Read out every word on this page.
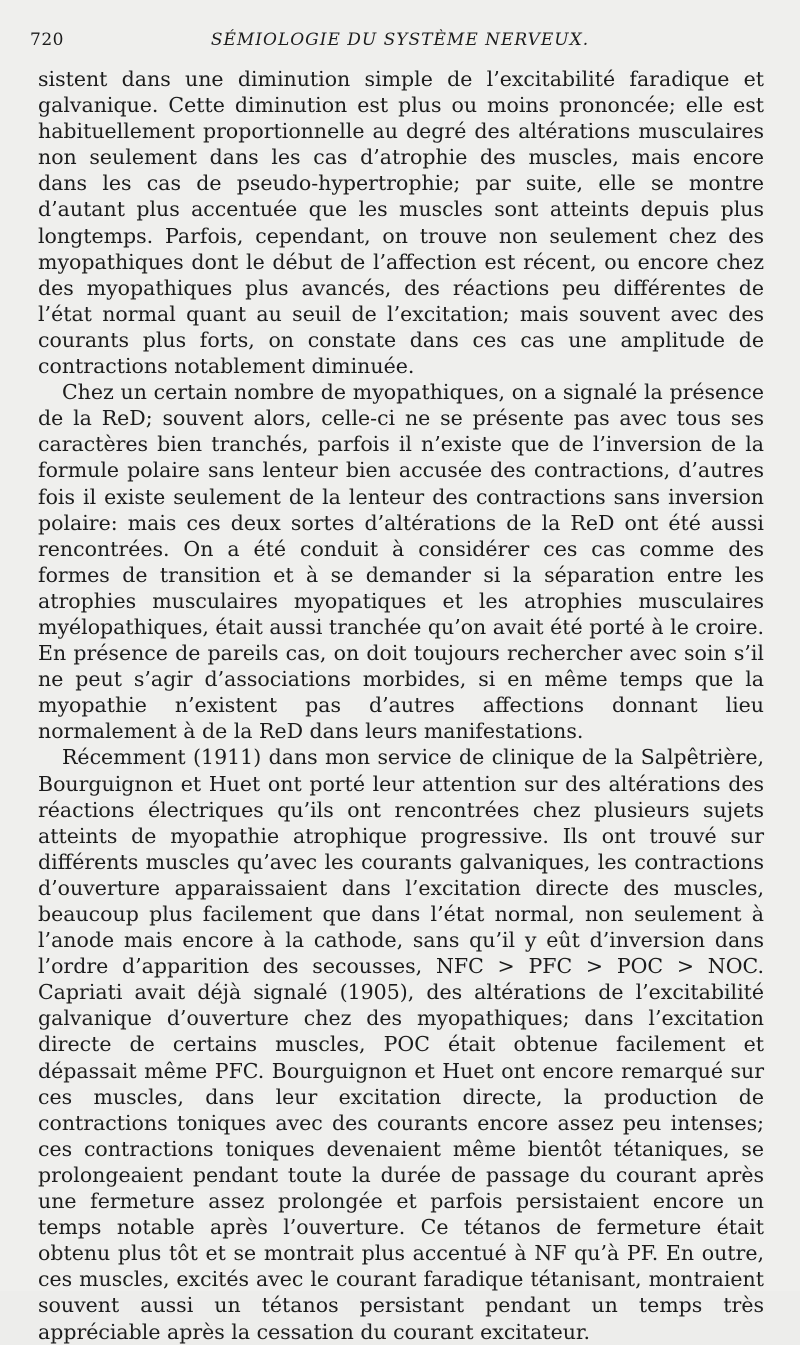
720	SÉMIOLOGIE DU SYSTÈME NERVEUX.

sistent dans une diminution simple de l’excitabilité faradique et galvanique. Cette diminution est plus ou moins prononcée; elle est habituellement proportionnelle au degré des altérations musculaires non seulement dans les cas d’atrophie des muscles, mais encore dans les cas de pseudo-hypertrophie; par suite, elle se montre d’autant plus accentuée que les muscles sont atteints depuis plus longtemps. Parfois, cependant, on trouve non seulement chez des myopathiques dont le début de l’affection est récent, ou encore chez des myopathiques plus avancés, des réactions peu différentes de l’état normal quant au seuil de l’excitation; mais souvent avec des courants plus forts, on constate dans ces cas une amplitude de contractions notablement diminuée.

Chez un certain nombre de myopathiques, on a signalé la présence de la ReD; souvent alors, celle-ci ne se présente pas avec tous ses caractères bien tranchés, parfois il n’existe que de l’inversion de la formule polaire sans lenteur bien accusée des contractions, d’autres fois il existe seulement de la lenteur des contractions sans inversion polaire: mais ces deux sortes d’altérations de la ReD ont été aussi rencontrées. On a été conduit à considérer ces cas comme des formes de transition et à se demander si la séparation entre les atrophies musculaires myopatiques et les atrophies musculaires myélopathiques, était aussi tranchée qu’on avait été porté à le croire. En présence de pareils cas, on doit toujours rechercher avec soin s’il ne peut s’agir d’associations morbides, si en même temps que la myopathie n’existent pas d’autres affections donnant lieu normalement à de la ReD dans leurs manifestations.

Récemment (1911) dans mon service de clinique de la Salpêtrière, Bourguignon et Huet ont porté leur attention sur des altérations des réactions électriques qu’ils ont rencontrées chez plusieurs sujets atteints de myopathie atrophique progressive. Ils ont trouvé sur différents muscles qu’avec les courants galvaniques, les contractions d’ouverture apparaissaient dans l’excitation directe des muscles, beaucoup plus facilement que dans l’état normal, non seulement à l’anode mais encore à la cathode, sans qu’il y eût d’inversion dans l’ordre d’apparition des secousses, NFC > PFC > POC > NOC. Capriati avait déjà signalé (1905), des altérations de l’excitabilité galvanique d’ouverture chez des myopathiques; dans l’excitation directe de certains muscles, POC était obtenue facilement et dépassait même PFC. Bourguignon et Huet ont encore remarqué sur ces muscles, dans leur excitation directe, la production de contractions toniques avec des courants encore assez peu intenses; ces contractions toniques devenaient même bientôt tétaniques, se prolongeaient pendant toute la durée de passage du courant après une fermeture assez prolongée et parfois persistaient encore un temps notable après l’ouverture. Ce tétanos de fermeture était obtenu plus tôt et se montrait plus accentué à NF qu’à PF. En outre, ces muscles, excités avec le courant faradique tétanisant, montraient souvent aussi un tétanos persistant pendant un temps très appréciable après la cessation du courant excitateur.
